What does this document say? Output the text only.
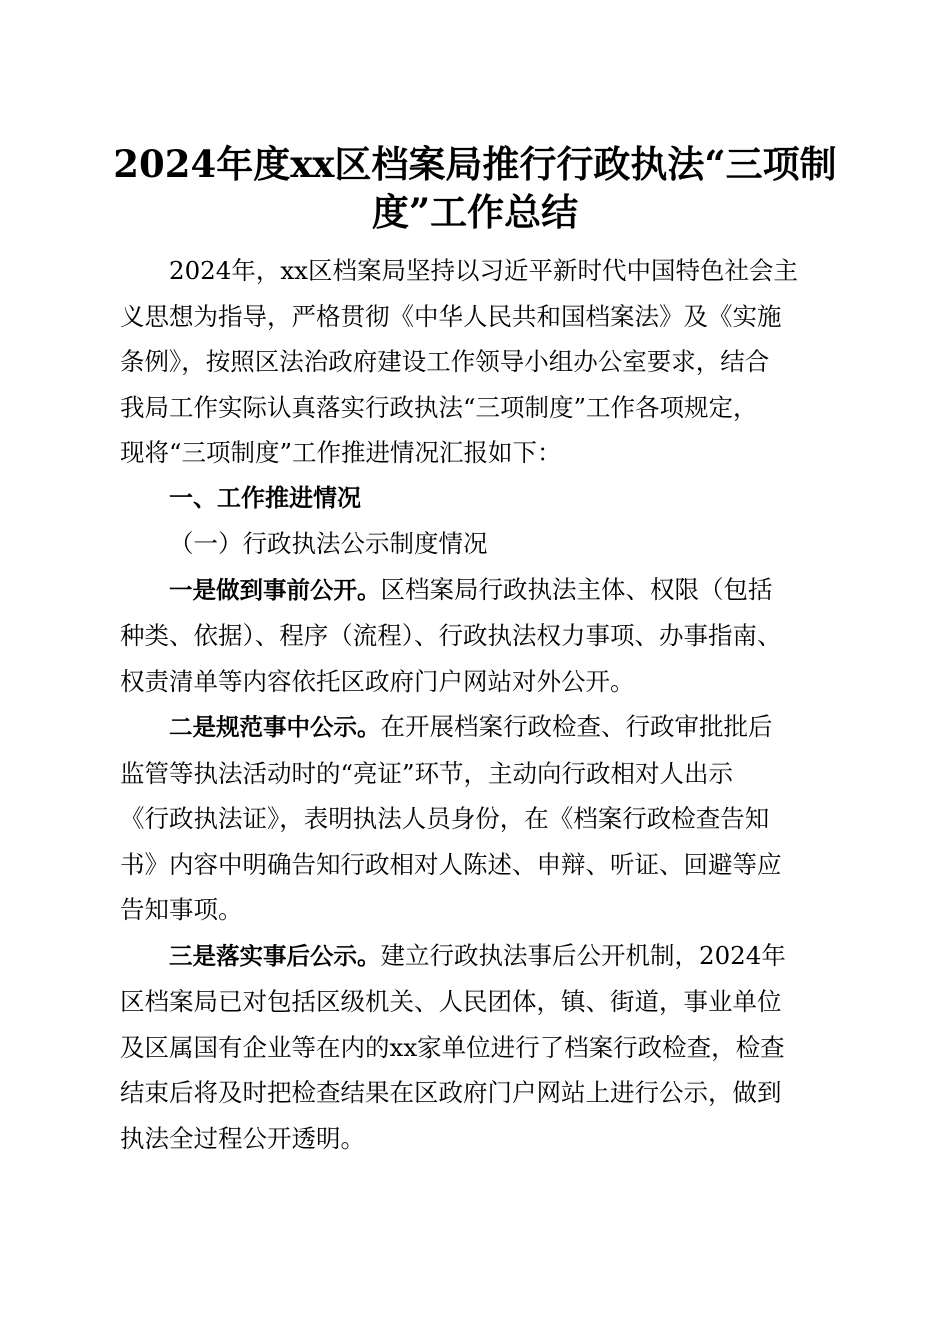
2024年度xx区档案局推行行政执法“三项制
度”工作总结
2024年，xx区档案局坚持以习近平新时代中国特色社会主
义思想为指导，严格贯彻《中华人民共和国档案法》及《实施
条例》，按照区法治政府建设工作领导小组办公室要求，结合
我局工作实际认真落实行政执法“三项制度”工作各项规定，
现将“三项制度”工作推进情况汇报如下：
一、工作推进情况
（一）行政执法公示制度情况
一是做到事前公开。区档案局行政执法主体、权限（包括
种类、依据）、程序（流程）、行政执法权力事项、办事指南、
权责清单等内容依托区政府门户网站对外公开。
二是规范事中公示。在开展档案行政检查、行政审批批后
监管等执法活动时的“亮证”环节，主动向行政相对人出示
《行政执法证》，表明执法人员身份，在《档案行政检查告知
书》内容中明确告知行政相对人陈述、申辩、听证、回避等应
告知事项。
三是落实事后公示。建立行政执法事后公开机制，2024年
区档案局已对包括区级机关、人民团体，镇、街道，事业单位
及区属国有企业等在内的xx家单位进行了档案行政检查，检查
结束后将及时把检查结果在区政府门户网站上进行公示，做到
执法全过程公开透明。
